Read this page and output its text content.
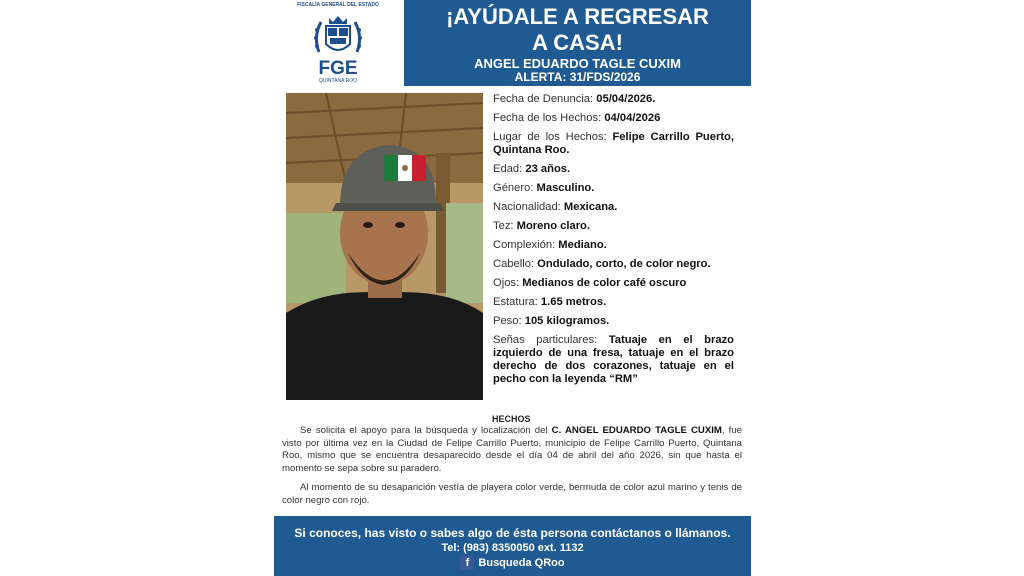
FISCALÍA GENERAL DEL ESTADO
FGE
QUINTANA ROO
¡AYÚDALE A REGRESAR
A CASA!
ANGEL EDUARDO TAGLE CUXIM
ALERTA: 31/FDS/2026
Fecha de Denuncia: 05/04/2026.
Fecha de los Hechos: 04/04/2026
Lugar de los Hechos: Felipe Carrillo Puerto, Quintana Roo.
Edad: 23 años.
Género: Masculino.
Nacionalidad: Mexicana.
Tez: Moreno claro.
Complexión: Mediano.
Cabello: Ondulado, corto, de color negro.
Ojos: Medianos de color café oscuro
Estatura: 1.65 metros.
Peso: 105 kilogramos.
Señas particulares: Tatuaje en el brazo izquierdo de una fresa, tatuaje en el brazo derecho de dos corazones, tatuaje en el pecho con la leyenda “RM”
HECHOS

Se solicita el apoyo para la búsqueda y localización del C. ANGEL EDUARDO TAGLE CUXIM, fue visto por última vez en la Ciudad de Felipe Carrillo Puerto, municipio de Felipe Carrillo Puerto, Quintana Roo, mismo que se encuentra desaparecido desde el día 04 de abril del año 2026, sin que hasta el momento se sepa sobre su paradero.

Al momento de su desaparición vestía de playera color verde, bermuda de color azul marino y tenis de color negro con rojo.

Si conoces, has visto o sabes algo de ésta persona contáctanos o llámanos.
Tel: (983) 8350050 ext. 1132
f Busqueda QRoo
